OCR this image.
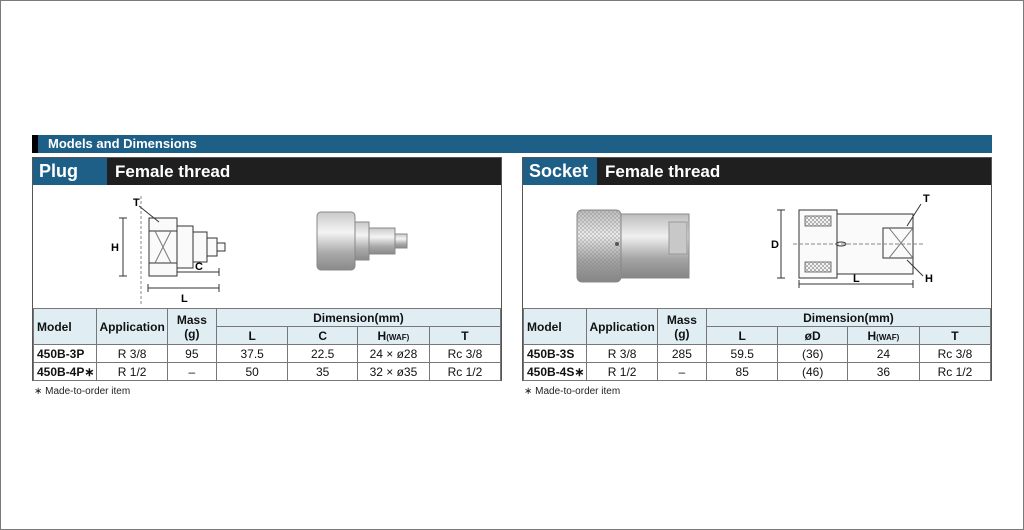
Models and Dimensions
Plug	Female thread
T
H
C
L
Model	Application	Mass (g)	Dimension(mm)			
			L	C	H(WAF)	T
450B-3P	R 3/8	95	37.5	22.5	24 × ø28	Rc 3/8
450B-4P∗	R 1/2	–	50	35	32 × ø35	Rc 1/2
∗ Made-to-order item
Socket Female thread
T
D
L	H
Model	Application	Mass (g)	Dimension(mm)			
			L	øD	H(WAF)	T
450B-3S	R 3/8	285	59.5	(36)	24	Rc 3/8
450B-4S∗	R 1/2	–	85	(46)	36	Rc 1/2
∗ Made-to-order item
